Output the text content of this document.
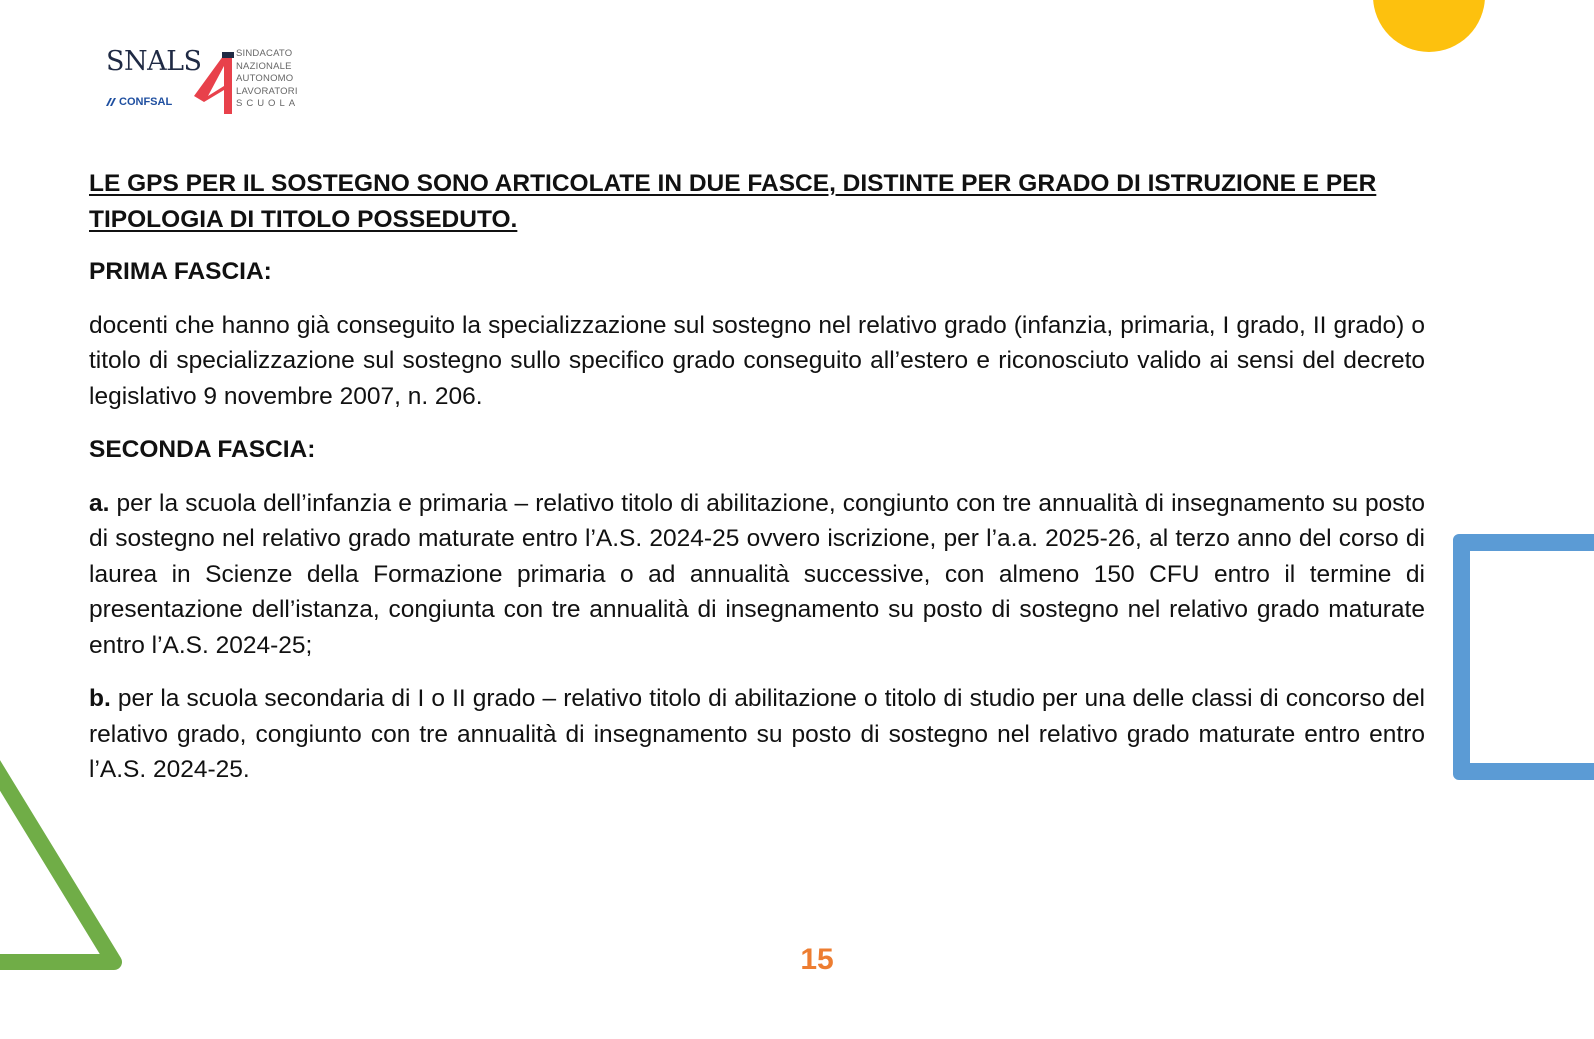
SNALS
CONFSAL
SINDACATO
NAZIONALE
AUTONOMO
LAVORATORI
SCUOLA
LE GPS PER IL SOSTEGNO SONO ARTICOLATE IN DUE FASCE, DISTINTE PER GRADO DI ISTRUZIONE E PER TIPOLOGIA DI TITOLO POSSEDUTO.
PRIMA FASCIA:
docenti che hanno già conseguito la specializzazione sul sostegno nel relativo grado (infanzia, primaria, I grado, II grado) o titolo di specializzazione sul sostegno sullo specifico grado conseguito all’estero e riconosciuto valido ai sensi del decreto legislativo 9 novembre 2007, n. 206.
SECONDA FASCIA:
a. per la scuola dell’infanzia e primaria – relativo titolo di abilitazione, congiunto con tre annualità di insegnamento su posto di sostegno nel relativo grado maturate entro l’A.S. 2024-25 ovvero iscrizione, per l’a.a. 2025-26, al terzo anno del corso di laurea in Scienze della Formazione primaria o ad annualità successive, con almeno 150 CFU entro il termine di presentazione dell’istanza, congiunta con tre annualità di insegnamento su posto di sostegno nel relativo grado maturate entro l’A.S. 2024-25;
b. per la scuola secondaria di I o II grado – relativo titolo di abilitazione o titolo di studio per una delle classi di concorso del relativo grado, congiunto con tre annualità di insegnamento su posto di sostegno nel relativo grado maturate entro entro l’A.S. 2024-25.
15
